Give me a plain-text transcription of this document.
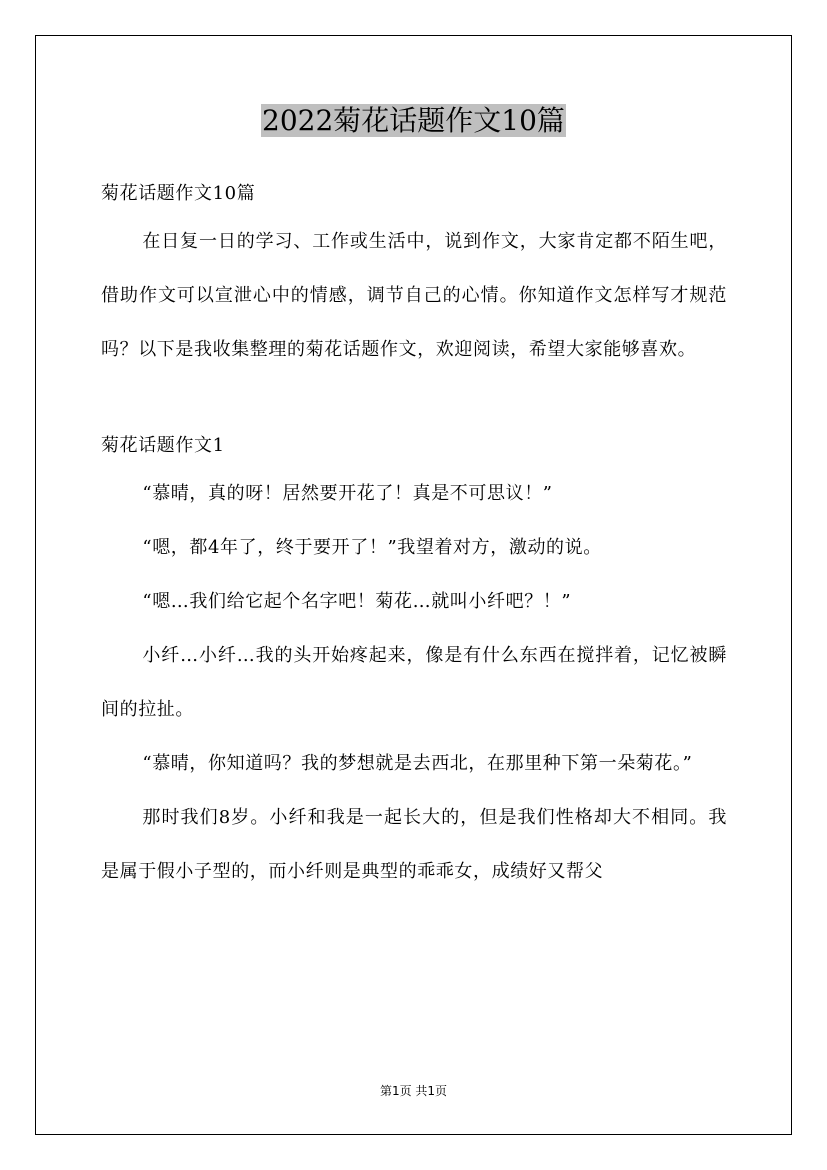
2022菊花话题作文10篇

菊花话题作文10篇

在日复一日的学习、工作或生活中，说到作文，大家肯定都不陌生吧，借助作文可以宣泄心中的情感，调节自己的心情。你知道作文怎样写才规范吗？以下是我收集整理的菊花话题作文，欢迎阅读，希望大家能够喜欢。

菊花话题作文1

“慕晴，真的呀！居然要开花了！真是不可思议！”

“嗯，都4年了，终于要开了！”我望着对方，激动的说。

“嗯…我们给它起个名字吧！菊花…就叫小纤吧？！”

小纤…小纤…我的头开始疼起来，像是有什么东西在搅拌着，记忆被瞬间的拉扯。

“慕晴，你知道吗？我的梦想就是去西北，在那里种下第一朵菊花。”

那时我们8岁。小纤和我是一起长大的，但是我们性格却大不相同。我是属于假小子型的，而小纤则是典型的乖乖女，成绩好又帮父

第1页 共1页
